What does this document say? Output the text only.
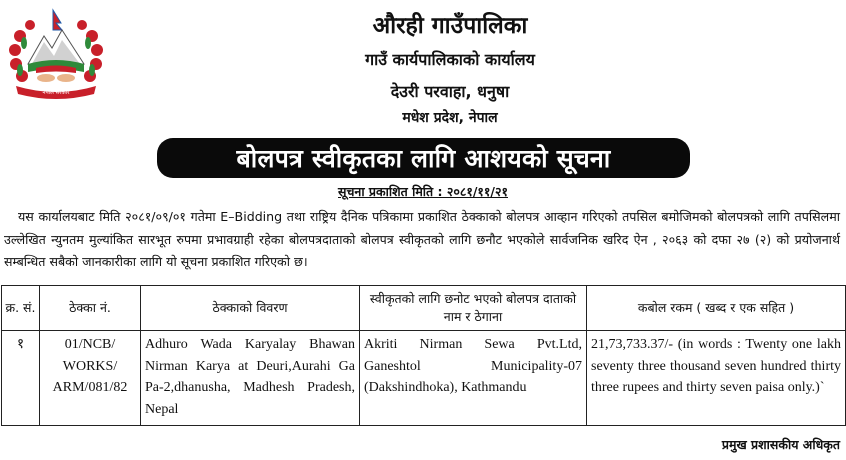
नेपाल सरकार
औरही गाउँपालिका
गाउँ कार्यपालिकाको कार्यालय
देउरी परवाहा, धनुषा
मधेश प्रदेश, नेपाल
बोलपत्र स्वीकृतका लागि आशयको सूचना
सूचना प्रकाशित मिति : २०८१/११/२१

यस कार्यालयबाट मिति २०८१/०९/०१ गतेमा E–Bidding तथा राष्ट्रिय दैनिक पत्रिकामा प्रकाशित ठेक्काको बोलपत्र आव्हान गरिएको तपसिल बमोजिमको बोलपत्रको लागि तपसिलमा उल्लेखित न्युनतम मुल्यांकित सारभूत रुपमा प्रभावग्राही रहेका बोलपत्रदाताको बोलपत्र स्वीकृतको लागि छनौट भएकोले सार्वजनिक खरिद ऐन , २०६३ को दफा २७ (२) को प्रयोजनार्थ सम्बन्धित सबैको जानकारीका लागि यो सूचना प्रकाशित गरिएको छ।

क्र. सं.	ठेक्का नं.	ठेक्काको विवरण	स्वीकृतको लागि छनोट भएको बोलपत्र दाताको नाम र ठेगाना	कबोल रकम ( खब्द र एक सहित )
१	01/NCB/ WORKS/ ARM/081/82	Adhuro Wada Karyalay Bhawan Nirman Karya at Deuri,Aurahi Ga Pa-2,dhanusha, Madhesh Pradesh, Nepal	Akriti Nirman Sewa Pvt.Ltd, Ganeshtol Municipality-07 (Dakshindhoka), Kathmandu	21,73,733.37/- (in words : Twenty one lakh seventy three thousand seven hundred thirty three rupees and thirty seven paisa only.)`
प्रमुख प्रशासकीय अधिकृत
